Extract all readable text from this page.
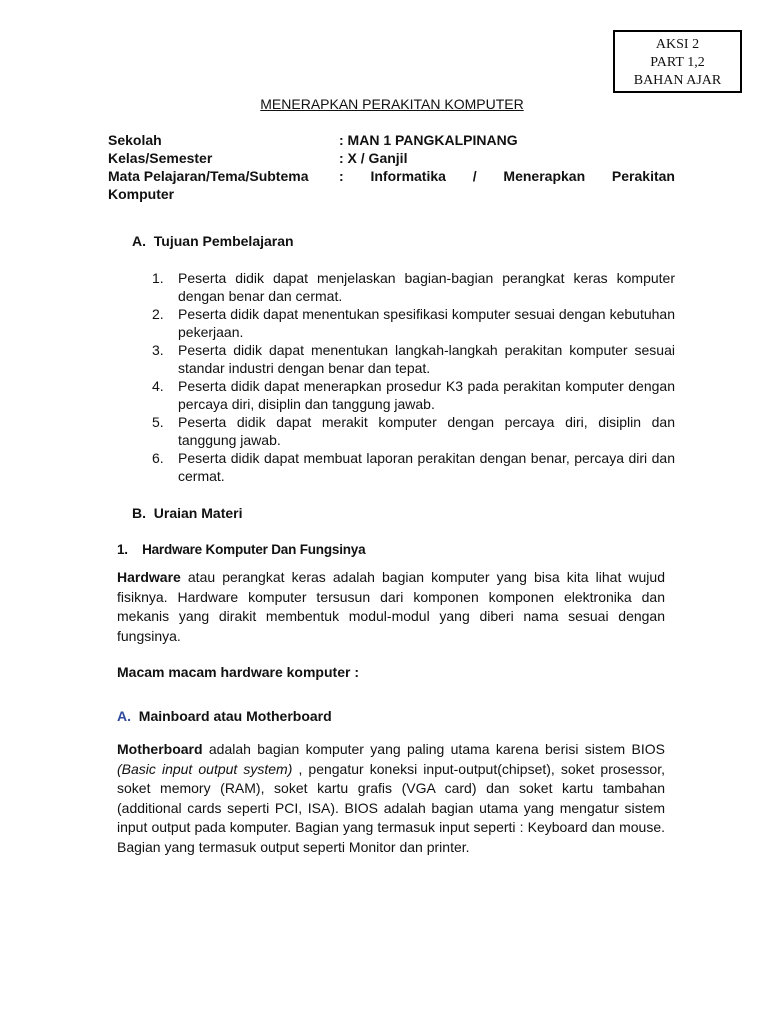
AKSI 2
PART 1,2
BAHAN AJAR
MENERAPKAN PERAKITAN KOMPUTER
Sekolah	: MAN 1 PANGKALPINANG
Kelas/Semester	: X / Ganjil
Mata Pelajaran/Tema/Subtema	: Informatika / Menerapkan Perakitan
Komputer
A. Tujuan Pembelajaran
1.	Peserta didik dapat menjelaskan bagian-bagian perangkat keras komputer dengan benar dan cermat.
2.	Peserta didik dapat menentukan spesifikasi komputer sesuai dengan kebutuhan pekerjaan.
3.	Peserta didik dapat menentukan langkah-langkah perakitan komputer sesuai standar industri dengan benar dan tepat.
4.	Peserta didik dapat menerapkan prosedur K3 pada perakitan komputer dengan percaya diri, disiplin dan tanggung jawab.
5.	Peserta didik dapat merakit komputer dengan percaya diri, disiplin dan tanggung jawab.
6.	Peserta didik dapat membuat laporan perakitan dengan benar, percaya diri dan cermat.
B. Uraian Materi
1. Hardware Komputer Dan Fungsinya
Hardware atau perangkat keras adalah bagian komputer yang bisa kita lihat wujud fisiknya. Hardware komputer tersusun dari komponen komponen elektronika dan mekanis yang dirakit membentuk modul-modul yang diberi nama sesuai dengan fungsinya.
Macam macam hardware komputer :
A. Mainboard atau Motherboard
Motherboard adalah bagian komputer yang paling utama karena berisi sistem BIOS (Basic input output system) , pengatur koneksi input-output(chipset), soket prosessor, soket memory (RAM), soket kartu grafis (VGA card) dan soket kartu tambahan (additional cards seperti PCI, ISA). BIOS adalah bagian utama yang mengatur sistem input output pada komputer. Bagian yang termasuk input seperti : Keyboard dan mouse. Bagian yang termasuk output seperti Monitor dan printer.
